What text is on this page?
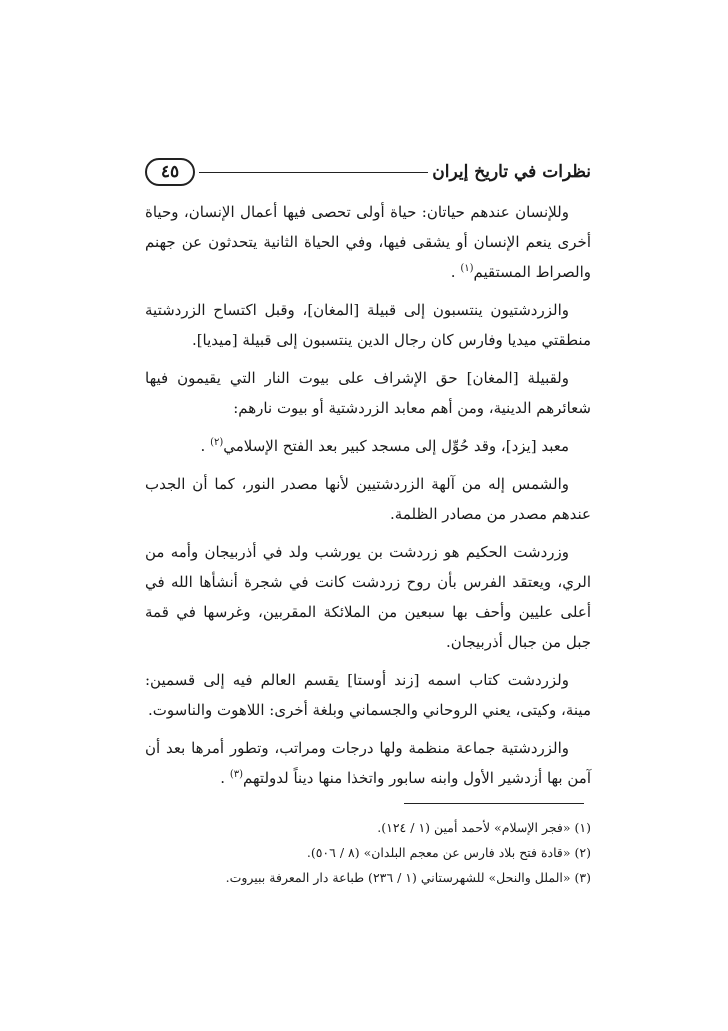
نظرات في تاريخ إيران
٤٥

وللإنسان عندهم حياتان: حياة أولى تحصى فيها أعمال الإنسان، وحياة أخرى ينعم الإنسان أو يشقى فيها، وفي الحياة الثانية يتحدثون عن جهنم والصراط المستقيم$^{(١)}$ .

والزردشتيون ينتسبون إلى قبيلة [المغان]، وقبل اكتساح الزردشتية منطقتي ميديا وفارس كان رجال الدين ينتسبون إلى قبيلة [ميديا].

ولقبيلة [المغان] حق الإشراف على بيوت النار التي يقيمون فيها شعائرهم الدينية، ومن أهم معابد الزردشتية أو بيوت نارهم:

معبد [يزد]، وقد حُوِّل إلى مسجد كبير بعد الفتح الإسلامي$^{(٢)}$ .

والشمس إله من آلهة الزردشتيين لأنها مصدر النور، كما أن الجدب عندهم مصدر من مصادر الظلمة.

وزردشت الحكيم هو زردشت بن يورشب ولد في أذربيجان وأمه من الري، ويعتقد الفرس بأن روح زردشت كانت في شجرة أنشأها الله في أعلى عليين وأحف بها سبعين من الملائكة المقربين، وغرسها في قمة جبل من جبال أذربيجان.

ولزردشت كتاب اسمه [زند أوستا] يقسم العالم فيه إلى قسمين: مينة، وكيتى، يعني الروحاني والجسماني وبلغة أخرى: اللاهوت والناسوت.

والزردشتية جماعة منظمة ولها درجات ومراتب، وتطور أمرها بعد أن آمن بها أزدشير الأول وابنه سابور واتخذا منها ديناً لدولتهم$^{(٣)}$ .

(١) «فجر الإسلام» لأحمد أمين (١ / ١٢٤).

(٢) «قادة فتح بلاد فارس عن معجم البلدان» (٨ / ٥٠٦).

(٣) «الملل والنحل» للشهرستاني (١ / ٢٣٦) طباعة دار المعرفة ببيروت.
